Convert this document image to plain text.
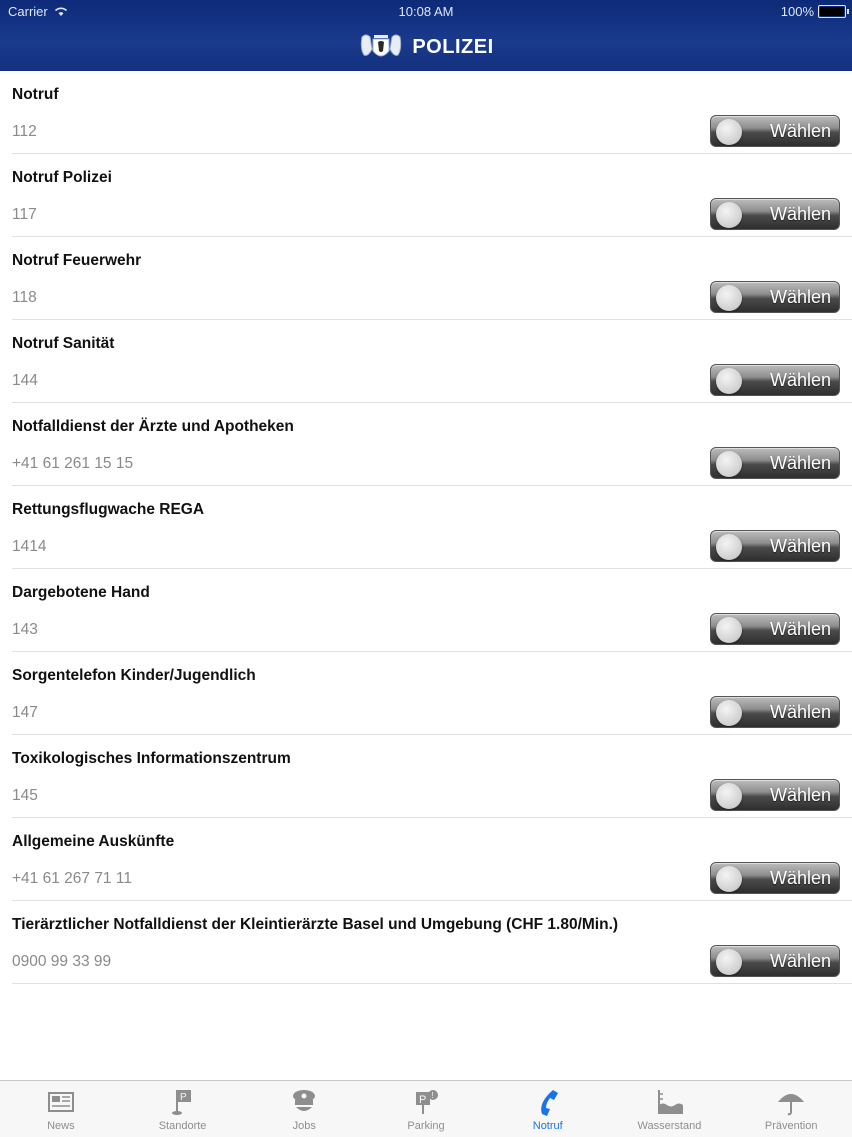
Carrier	10:08 AM	100%
POLIZEI
Notruf
112	Wählen
Notruf Polizei
117	Wählen
Notruf Feuerwehr
118	Wählen
Notruf Sanität
144	Wählen
Notfalldienst der Ärzte und Apotheken
+41 61 261 15 15	Wählen
Rettungsflugwache REGA
1414	Wählen
Dargebotene Hand
143	Wählen
Sorgentelefon Kinder/Jugendlich
147	Wählen
Toxikologisches Informationszentrum
145	Wählen
Allgemeine Auskünfte
+41 61 267 71 11	Wählen
Tierärztlicher Notfalldienst der Kleintierärzte Basel und Umgebung (CHF 1.80/Min.)
0900 99 33 99	Wählen
News
P
Standorte	Jobs
P !
Parking	Notruf	Wasserstand	Prävention
